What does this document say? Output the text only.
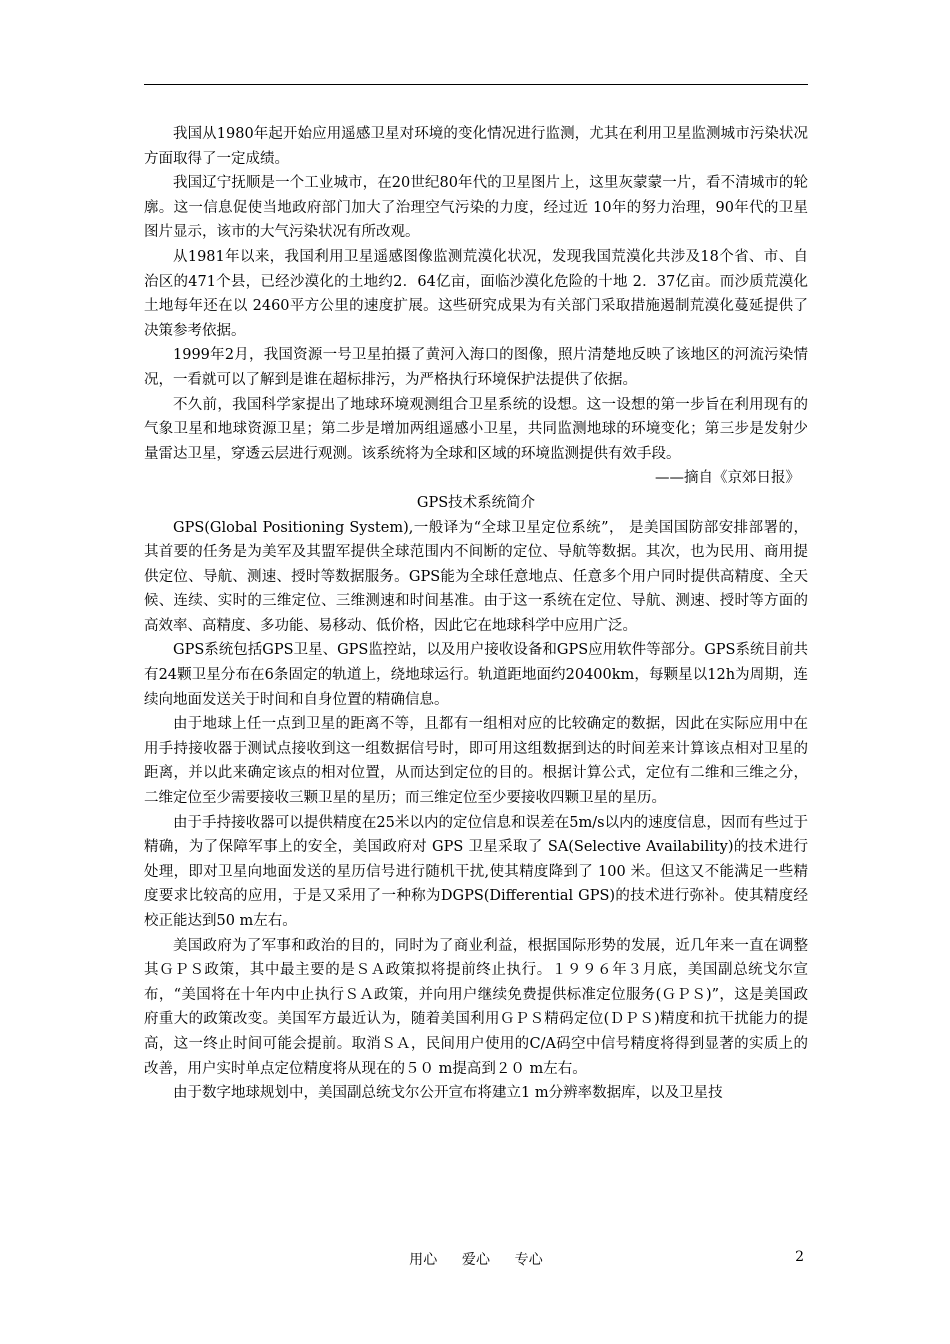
我国从1980年起开始应用遥感卫星对环境的变化情况进行监测，尤其在利用卫星监测城市污染状况方面取得了一定成绩。

我国辽宁抚顺是一个工业城市，在20世纪80年代的卫星图片上，这里灰蒙蒙一片，看不清城市的轮廓。这一信息促使当地政府部门加大了治理空气污染的力度，经过近 10年的努力治理，90年代的卫星图片显示，该市的大气污染状况有所改观。

从1981年以来，我国利用卫星遥感图像监测荒漠化状况，发现我国荒漠化共涉及18个省、市、自治区的471个县，已经沙漠化的土地约2．64亿亩，面临沙漠化危险的十地 2．37亿亩。而沙质荒漠化土地每年还在以 2460平方公里的速度扩展。这些研究成果为有关部门采取措施遏制荒漠化蔓延提供了决策参考依据。

1999年2月，我国资源一号卫星拍摄了黄河入海口的图像，照片清楚地反映了该地区的河流污染情况，一看就可以了解到是谁在超标排污，为严格执行环境保护法提供了依据。

不久前，我国科学家提出了地球环境观测组合卫星系统的设想。这一设想的第一步旨在利用现有的气象卫星和地球资源卫星；第二步是增加两组遥感小卫星，共同监测地球的环境变化；第三步是发射少量雷达卫星，穿透云层进行观测。该系统将为全球和区域的环境监测提供有效手段。

——摘自《京郊日报》

GPS技术系统简介

GPS(Global Positioning System),一般译为“全球卫星定位系统”， 是美国国防部安排部署的，其首要的任务是为美军及其盟军提供全球范围内不间断的定位、导航等数据。其次，也为民用、商用提供定位、导航、测速、授时等数据服务。GPS能为全球任意地点、任意多个用户同时提供高精度、全天候、连续、实时的三维定位、三维测速和时间基准。由于这一系统在定位、导航、测速、授时等方面的高效率、高精度、多功能、易移动、低价格，因此它在地球科学中应用广泛。

GPS系统包括GPS卫星、GPS监控站，以及用户接收设备和GPS应用软件等部分。GPS系统目前共有24颗卫星分布在6条固定的轨道上，绕地球运行。轨道距地面约20400km，每颗星以12h为周期，连续向地面发送关于时间和自身位置的精确信息。

由于地球上任一点到卫星的距离不等，且都有一组相对应的比较确定的数据，因此在实际应用中在用手持接收器于测试点接收到这一组数据信号时，即可用这组数据到达的时间差来计算该点相对卫星的距离，并以此来确定该点的相对位置，从而达到定位的目的。根据计算公式，定位有二维和三维之分，二维定位至少需要接收三颗卫星的星历；而三维定位至少要接收四颗卫星的星历。

由于手持接收器可以提供精度在25米以内的定位信息和误差在5m/s以内的速度信息，因而有些过于精确，为了保障军事上的安全，美国政府对 GPS 卫星采取了 SA(Selective Availability)的技术进行处理，即对卫星向地面发送的星历信号进行随机干扰,使其精度降到了 100 米。但这又不能满足一些精度要求比较高的应用，于是又采用了一种称为DGPS(Differential GPS)的技术进行弥补。使其精度经校正能达到50 m左右。

美国政府为了军事和政治的目的，同时为了商业利益，根据国际形势的发展，近几年来一直在调整其ＧＰＳ政策，其中最主要的是ＳＡ政策拟将提前终止执行。１９９６年３月底，美国副总统戈尔宣布，“美国将在十年内中止执行ＳＡ政策，并向用户继续免费提供标准定位服务(ＧＰＳ)”，这是美国政府重大的政策改变。美国军方最近认为，随着美国利用ＧＰＳ精码定位(ＤＰＳ)精度和抗干扰能力的提高，这一终止时间可能会提前。取消ＳＡ，民间用户使用的C/A码空中信号精度将得到显著的实质上的改善，用户实时单点定位精度将从现在的５０ m提高到２０ m左右。

由于数字地球规划中，美国副总统戈尔公开宣布将建立1 m分辨率数据库，以及卫星技

用心 爱心 专心	2
